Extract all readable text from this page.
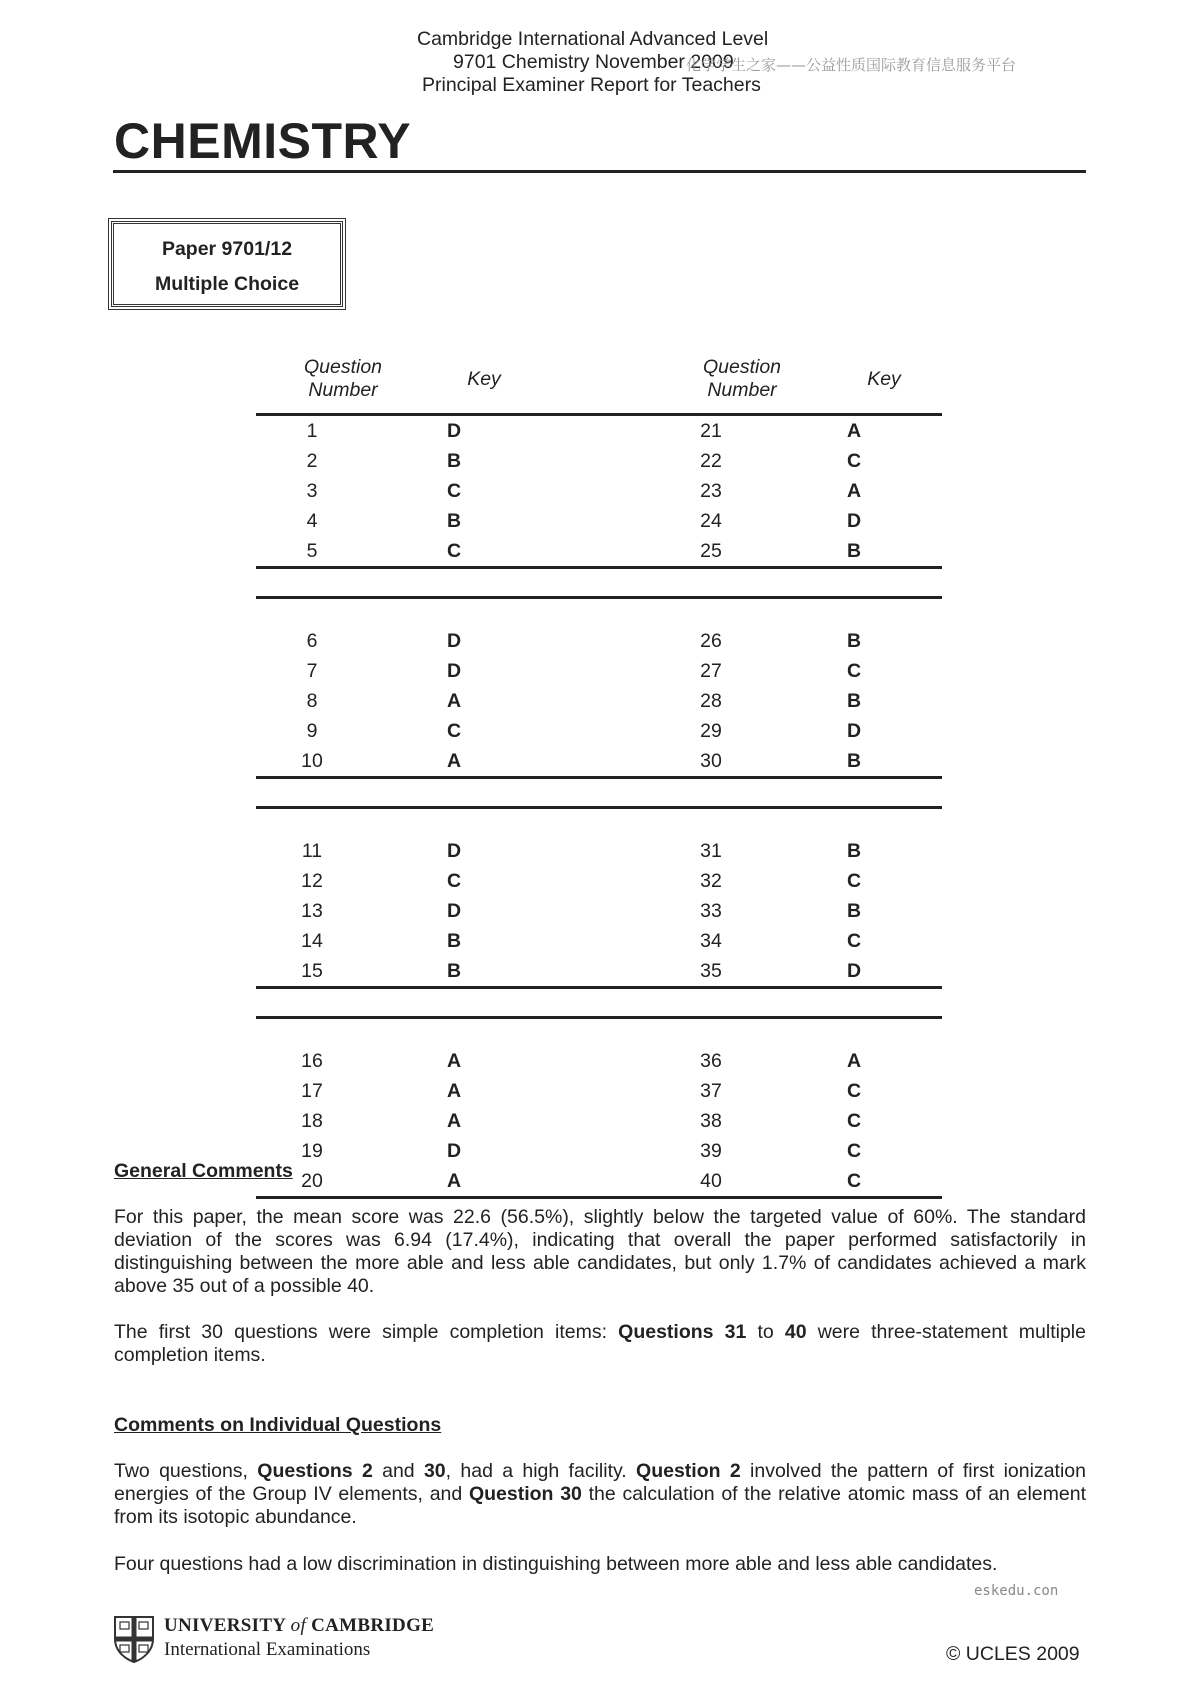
Cambridge International Advanced Level
9701 Chemistry November 2009
Principal Examiner Report for Teachers
化学学生之家——公益性质国际教育信息服务平台
CHEMISTRY
Paper 9701/12
Multiple Choice
Question
Number	Key
Question
Number	Key
1	D	21	A
2	B	22	C
3	C	23	A
4	B	24	D
5	C	25	B
6	D	26	B
7	D	27	C
8	A	28	B
9	C	29	D
10	A	30	B
11	D	31	B
12	C	32	C
13	D	33	B
14	B	34	C
15	B	35	D
16	A	36	A
17	A	37	C
18	A	38	C
19	D	39	C
20	A	40	C
General Comments
For this paper, the mean score was 22.6 (56.5%), slightly below the targeted value of 60%. The standard deviation of the scores was 6.94 (17.4%), indicating that overall the paper performed satisfactorily in distinguishing between the more able and less able candidates, but only 1.7% of candidates achieved a mark above 35 out of a possible 40.
The first 30 questions were simple completion items: Questions 31 to 40 were three-statement multiple completion items.
Comments on Individual Questions
Two questions, Questions 2 and 30, had a high facility. Question 2 involved the pattern of first ionization energies of the Group IV elements, and Question 30 the calculation of the relative atomic mass of an element from its isotopic abundance.
Four questions had a low discrimination in distinguishing between more able and less able candidates.
eskedu.con
UNIVERSITY of CAMBRIDGE
International Examinations	© UCLES 2009
